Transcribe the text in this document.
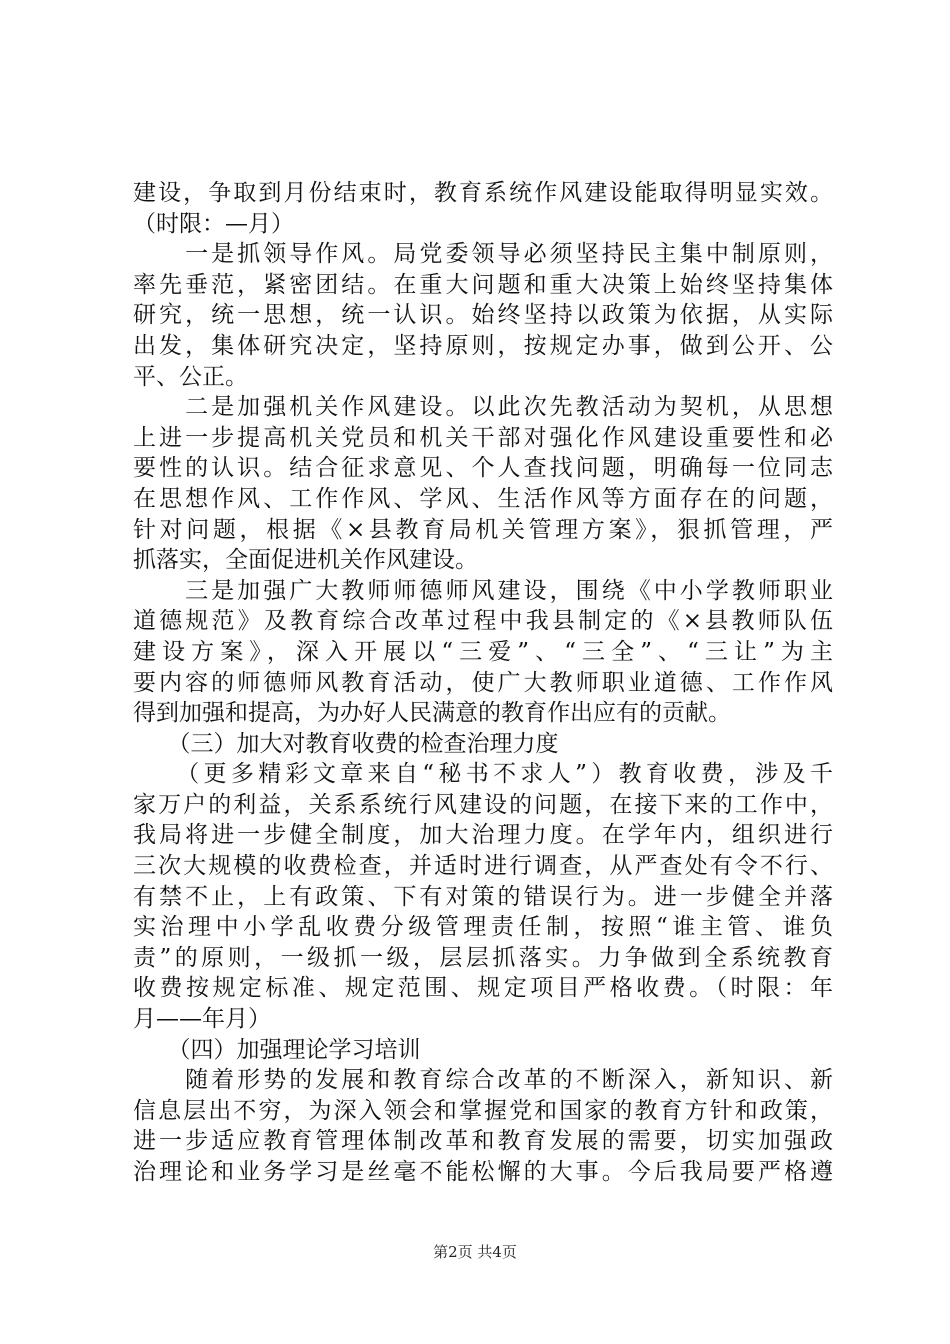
建设，争取到月份结束时，教育系统作风建设能取得明显实效。
（时限：—月）
　　一是抓领导作风。局党委领导必须坚持民主集中制原则，
率先垂范，紧密团结。在重大问题和重大决策上始终坚持集体
研究，统一思想，统一认识。始终坚持以政策为依据，从实际
出发，集体研究决定，坚持原则，按规定办事，做到公开、公
平、公正。
　　二是加强机关作风建设。以此次先教活动为契机，从思想
上进一步提高机关党员和机关干部对强化作风建设重要性和必
要性的认识。结合征求意见、个人查找问题，明确每一位同志
在思想作风、工作作风、学风、生活作风等方面存在的问题，
针对问题，根据《×县教育局机关管理方案》，狠抓管理，严
抓落实，全面促进机关作风建设。
　　三是加强广大教师师德师风建设，围绕《中小学教师职业
道德规范》及教育综合改革过程中我县制定的《×县教师队伍
建设方案》，深入开展以“三爱”、“三全”、“三让”为主
要内容的师德师风教育活动，使广大教师职业道德、工作作风
得到加强和提高，为办好人民满意的教育作出应有的贡献。
　　（三）加大对教育收费的检查治理力度
　　（更多精彩文章来自“秘书不求人”）教育收费，涉及千
家万户的利益，关系系统行风建设的问题，在接下来的工作中，
我局将进一步健全制度，加大治理力度。在学年内，组织进行
三次大规模的收费检查，并适时进行调查，从严查处有令不行、
有禁不止，上有政策、下有对策的错误行为。进一步健全并落
实治理中小学乱收费分级管理责任制，按照“谁主管、谁负
责”的原则，一级抓一级，层层抓落实。力争做到全系统教育
收费按规定标准、规定范围、规定项目严格收费。（时限：年
月——年月）
　　（四）加强理论学习培训
　　随着形势的发展和教育综合改革的不断深入，新知识、新
信息层出不穷，为深入领会和掌握党和国家的教育方针和政策，
进一步适应教育管理体制改革和教育发展的需要，切实加强政
治理论和业务学习是丝毫不能松懈的大事。今后我局要严格遵
第2页 共4页
